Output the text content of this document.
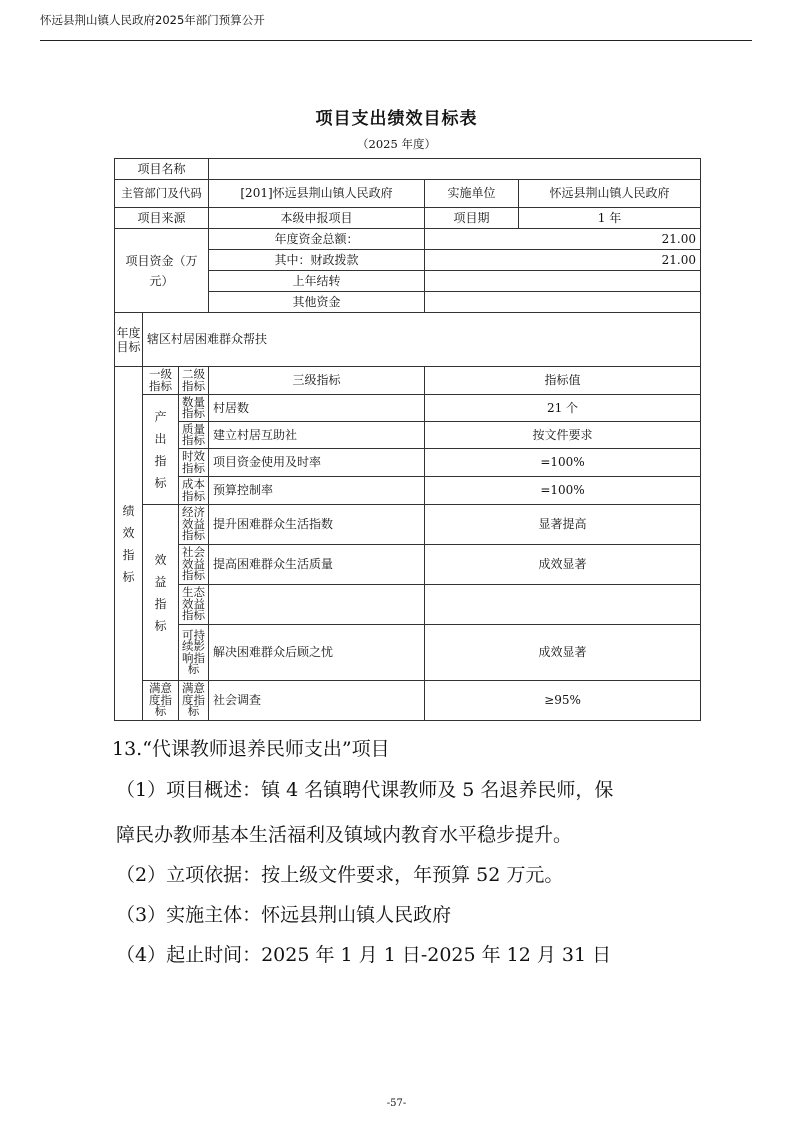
怀远县荆山镇人民政府2025年部门预算公开
项目支出绩效目标表
（2025 年度）
项目名称					
主管部门及代码			[201]怀远县荆山镇人民政府	实施单位	怀远县荆山镇人民政府
项目来源			本级申报项目	项目期	1 年
项目资金（万元）			年度资金总额：	21.00	
			其中：财政拨款	21.00	
			上年结转		
			其他资金		
年度目标	辖区村居困难群众帮扶				
绩效指标	一级指标	二级指标	三级指标	指标值	
	产出指标	数量指标	村居数	21 个	
		质量指标	建立村居互助社	按文件要求	
		时效指标	项目资金使用及时率	=100%	
		成本指标	预算控制率	=100%	
	效益指标	经济效益指标	提升困难群众生活指数	显著提高	
		社会效益指标	提高困难群众生活质量	成效显著	
		生态效益指标			
		可持续影响指标	解决困难群众后顾之忧	成效显著	
	满意度指标	满意度指标	社会调查	≥95%	
13.“代课教师退养民师支出”项目
（1）项目概述：镇 4 名镇聘代课教师及 5 名退养民师，保
障民办教师基本生活福利及镇域内教育水平稳步提升。
（2）立项依据：按上级文件要求，年预算 52 万元。
（3）实施主体：怀远县荆山镇人民政府
（4）起止时间：2025 年 1 月 1 日-2025 年 12 月 31 日
-57-
